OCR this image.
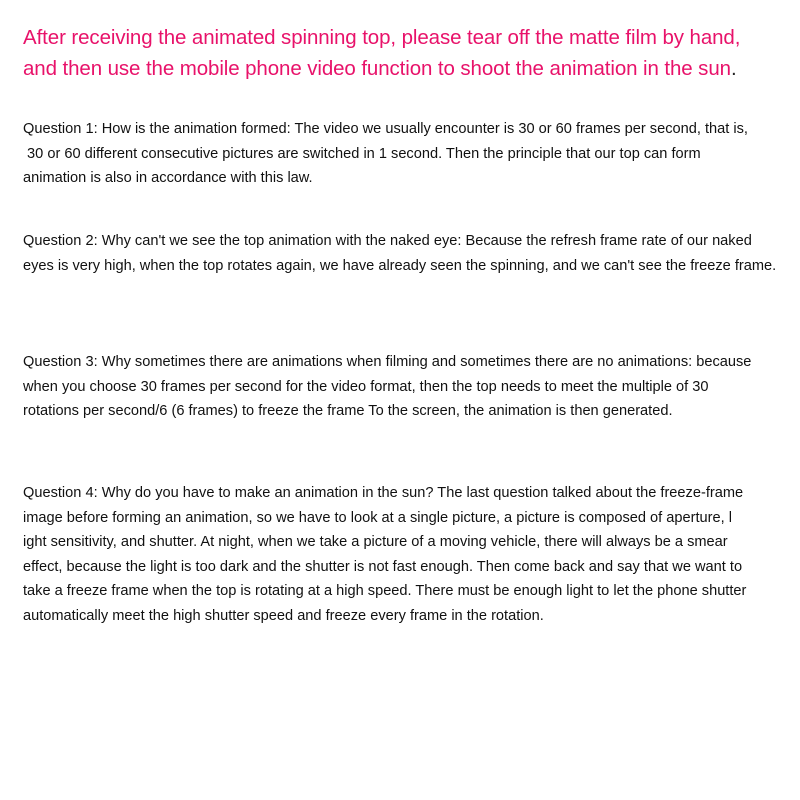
After receiving the animated spinning top, please tear off the matte film by hand,
and then use the mobile phone video function to shoot the animation in the sun.
Question 1: How is the animation formed: The video we usually encounter is 30 or 60 frames per second, that is,
30 or 60 different consecutive pictures are switched in 1 second. Then the principle that our top can form
animation is also in accordance with this law.
Question 2: Why can't we see the top animation with the naked eye: Because the refresh frame rate of our naked
eyes is very high, when the top rotates again, we have already seen the spinning, and we can't see the freeze frame.
Question 3: Why sometimes there are animations when filming and sometimes there are no animations: because
when you choose 30 frames per second for the video format, then the top needs to meet the multiple of 30
rotations per second/6 (6 frames) to freeze the frame To the screen, the animation is then generated.
Question 4: Why do you have to make an animation in the sun? The last question talked about the freeze-frame
image before forming an animation, so we have to look at a single picture, a picture is composed of aperture, l
ight sensitivity, and shutter. At night, when we take a picture of a moving vehicle, there will always be a smear
effect, because the light is too dark and the shutter is not fast enough. Then come back and say that we want to
take a freeze frame when the top is rotating at a high speed. There must be enough light to let the phone shutter
automatically meet the high shutter speed and freeze every frame in the rotation.
